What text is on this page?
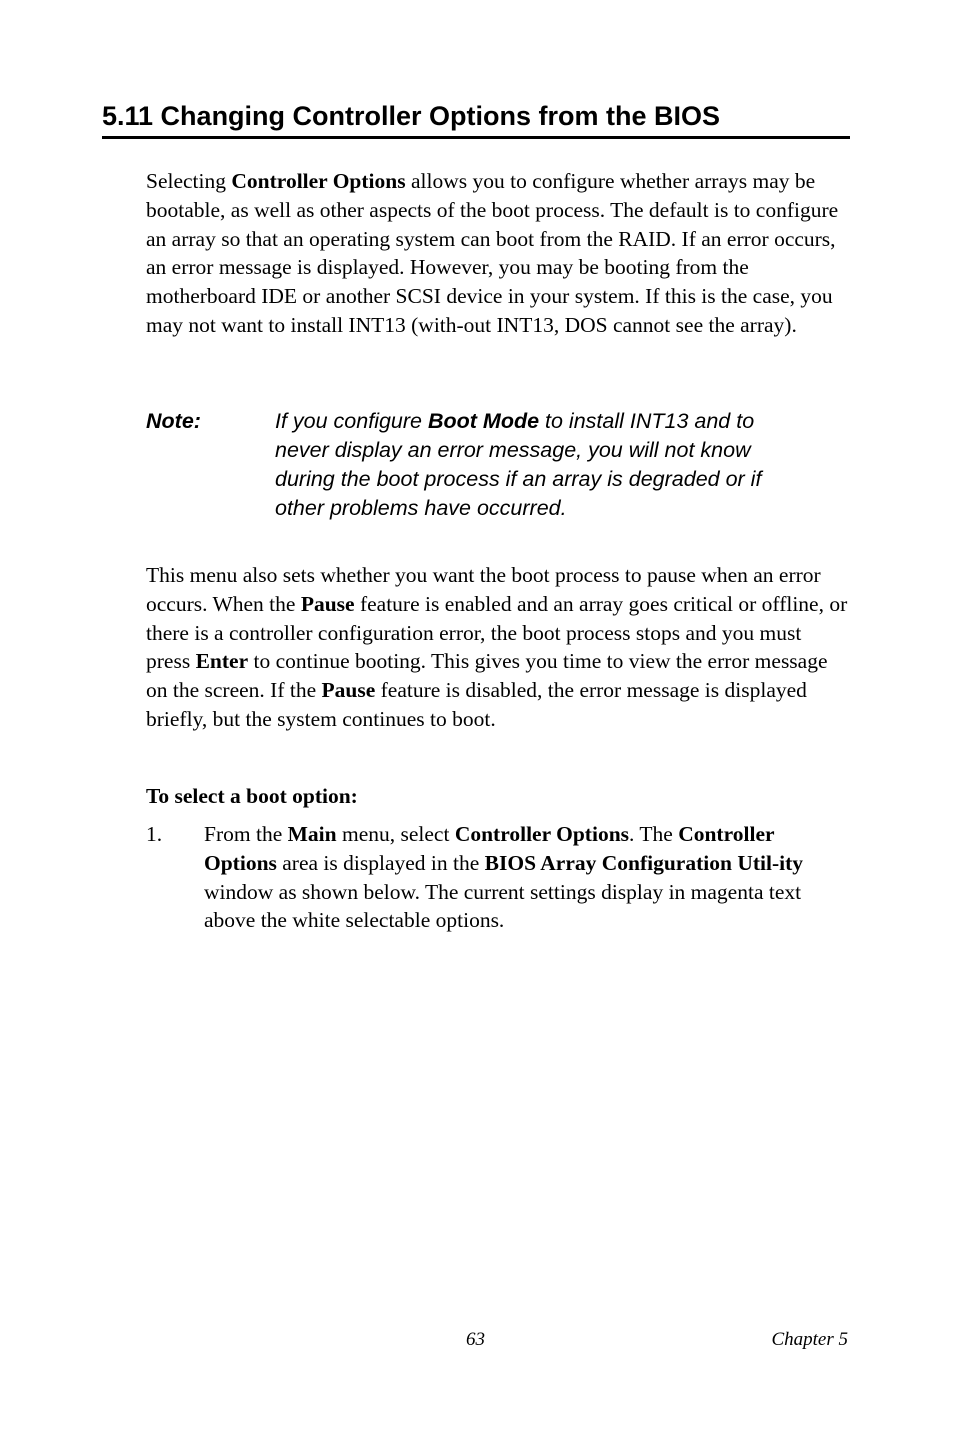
5.11 Changing Controller Options from the BIOS
Selecting Controller Options allows you to configure whether arrays may be bootable, as well as other aspects of the boot process. The default is to configure an array so that an operating system can boot from the RAID. If an error occurs, an error message is displayed. However, you may be booting from the motherboard IDE or another SCSI device in your system. If this is the case, you may not want to install INT13 (with-out INT13, DOS cannot see the array).
Note:	If you configure Boot Mode to install INT13 and to never display an error message, you will not know during the boot process if an array is degraded or if other problems have occurred.
This menu also sets whether you want the boot process to pause when an error occurs. When the Pause feature is enabled and an array goes critical or offline, or there is a controller configuration error, the boot process stops and you must press Enter to continue booting. This gives you time to view the error message on the screen. If the Pause feature is disabled, the error message is displayed briefly, but the system continues to boot.
To select a boot option:
1. From the Main menu, select Controller Options. The Controller Options area is displayed in the BIOS Array Configuration Util-ity window as shown below. The current settings display in magenta text above the white selectable options.
63	Chapter 5
